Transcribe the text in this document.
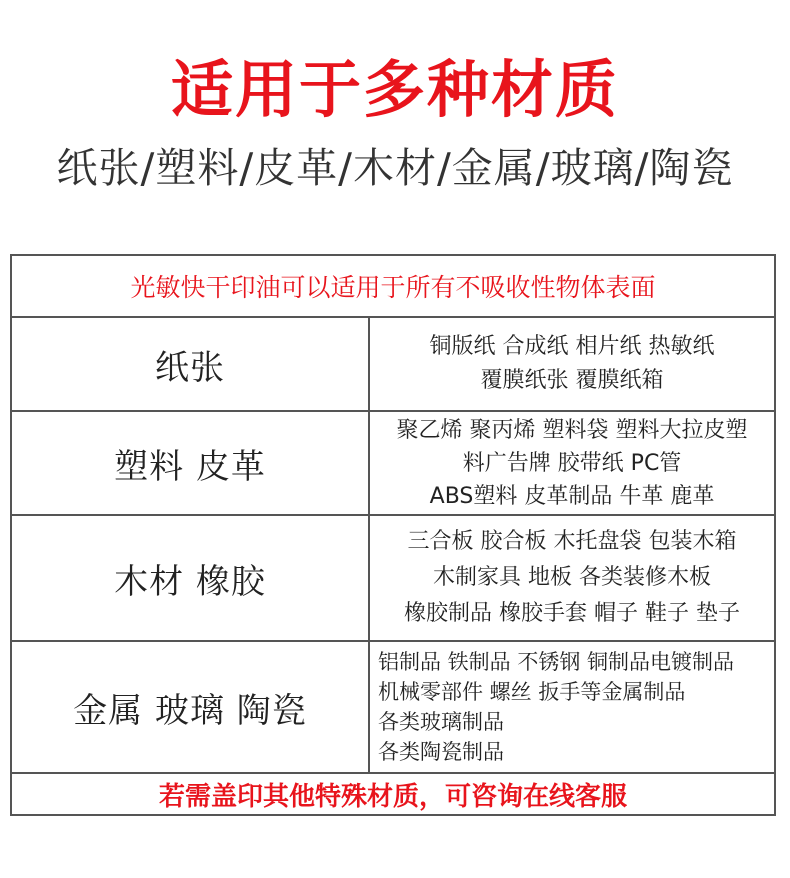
适用于多种材质
纸张/塑料/皮革/木材/金属/玻璃/陶瓷
光敏快干印油可以适用于所有不吸收性物体表面
纸张
铜版纸 合成纸 相片纸 热敏纸
覆膜纸张 覆膜纸箱
塑料 皮革
聚乙烯 聚丙烯 塑料袋 塑料大拉皮塑
料广告牌 胶带纸 PC管
ABS塑料 皮革制品 牛革 鹿革
木材 橡胶
三合板 胶合板 木托盘袋 包装木箱
木制家具 地板 各类装修木板
橡胶制品 橡胶手套 帽子 鞋子 垫子
金属 玻璃 陶瓷
铝制品 铁制品 不锈钢 铜制品电镀制品
机械零部件 螺丝 扳手等金属制品
各类玻璃制品
各类陶瓷制品
若需盖印其他特殊材质，可咨询在线客服
